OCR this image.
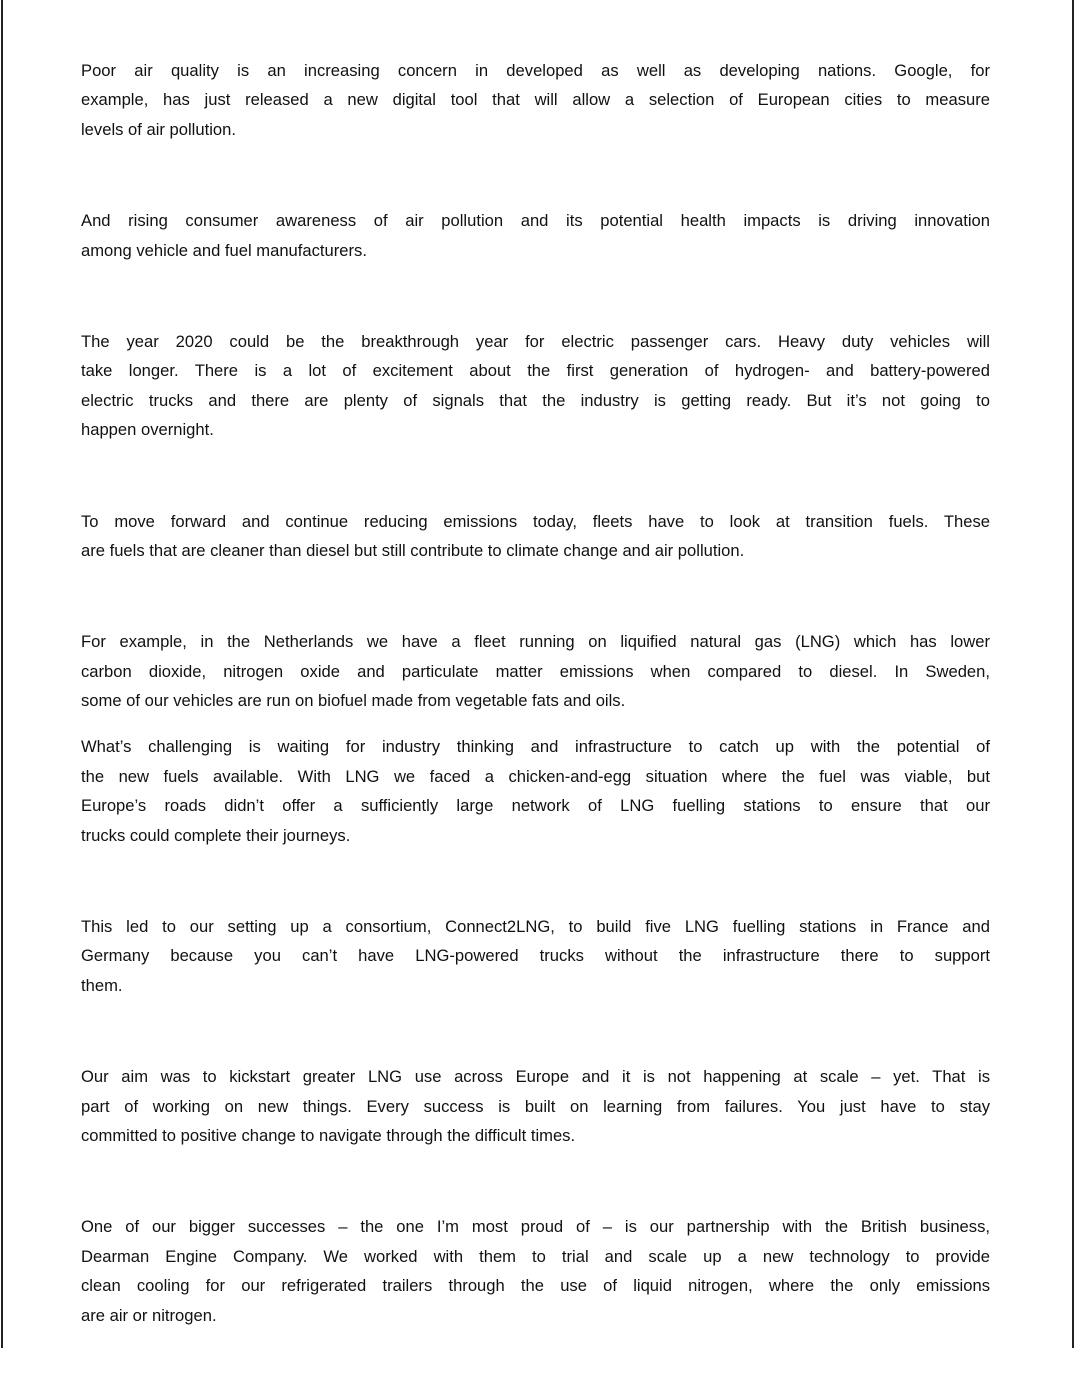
Poor air quality is an increasing concern in developed as well as developing nations. Google, for
example, has just released a new digital tool that will allow a selection of European cities to measure
levels of air pollution.
And rising consumer awareness of air pollution and its potential health impacts is driving innovation
among vehicle and fuel manufacturers.
The year 2020 could be the breakthrough year for electric passenger cars. Heavy duty vehicles will
take longer. There is a lot of excitement about the first generation of hydrogen- and battery-powered
electric trucks and there are plenty of signals that the industry is getting ready. But it’s not going to
happen overnight.
To move forward and continue reducing emissions today, fleets have to look at transition fuels. These
are fuels that are cleaner than diesel but still contribute to climate change and air pollution.
For example, in the Netherlands we have a fleet running on liquified natural gas (LNG) which has lower
carbon dioxide, nitrogen oxide and particulate matter emissions when compared to diesel. In Sweden,
some of our vehicles are run on biofuel made from vegetable fats and oils.
What’s challenging is waiting for industry thinking and infrastructure to catch up with the potential of
the new fuels available. With LNG we faced a chicken-and-egg situation where the fuel was viable, but
Europe’s roads didn’t offer a sufficiently large network of LNG fuelling stations to ensure that our
trucks could complete their journeys.
This led to our setting up a consortium, Connect2LNG, to build five LNG fuelling stations in France and
Germany because you can’t have LNG-powered trucks without the infrastructure there to support
them.
Our aim was to kickstart greater LNG use across Europe and it is not happening at scale – yet. That is
part of working on new things. Every success is built on learning from failures. You just have to stay
committed to positive change to navigate through the difficult times.
One of our bigger successes – the one I’m most proud of – is our partnership with the British business,
Dearman Engine Company. We worked with them to trial and scale up a new technology to provide
clean cooling for our refrigerated trailers through the use of liquid nitrogen, where the only emissions
are air or nitrogen.
